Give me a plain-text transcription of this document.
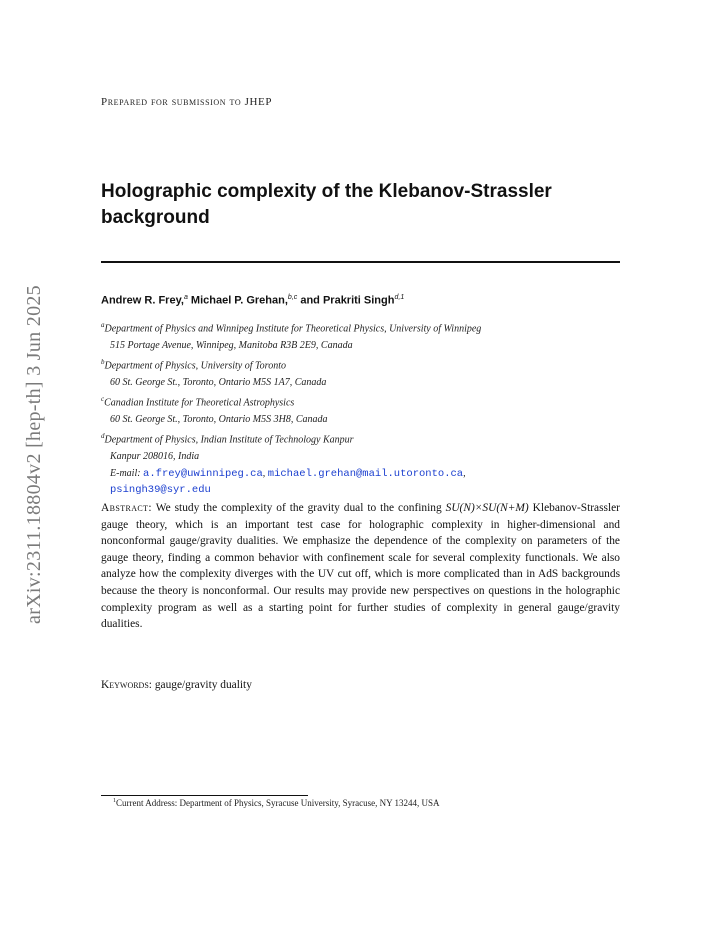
arXiv:2311.18804v2 [hep-th] 3 Jun 2025
Prepared for submission to JHEP
Holographic complexity of the Klebanov-Strassler
background
Andrew R. Frey,$^a$ Michael P. Grehan,$^{b,c}$ and Prakriti Singh$^{d,1}$
$^a$Department of Physics and Winnipeg Institute for Theoretical Physics, University of Winnipeg
515 Portage Avenue, Winnipeg, Manitoba R3B 2E9, Canada
$^b$Department of Physics, University of Toronto
60 St. George St., Toronto, Ontario M5S 1A7, Canada
$^c$Canadian Institute for Theoretical Astrophysics
60 St. George St., Toronto, Ontario M5S 3H8, Canada
$^d$Department of Physics, Indian Institute of Technology Kanpur
Kanpur 208016, India
E-mail: a.frey@uwinnipeg.ca, michael.grehan@mail.utoronto.ca,
psingh39@syr.edu

Abstract: We study the complexity of the gravity dual to the confining SU(N)×SU(N+M) Klebanov-Strassler gauge theory, which is an important test case for holographic complexity in higher-dimensional and nonconformal gauge/gravity dualities. We emphasize the dependence of the complexity on parameters of the gauge theory, finding a common behavior with confinement scale for several complexity functionals. We also analyze how the complexity diverges with the UV cut off, which is more complicated than in AdS backgrounds because the theory is nonconformal. Our results may provide new perspectives on questions in the holographic complexity program as well as a starting point for further studies of complexity in general gauge/gravity dualities.

Keywords: gauge/gravity duality
$^1$Current Address: Department of Physics, Syracuse University, Syracuse, NY 13244, USA
